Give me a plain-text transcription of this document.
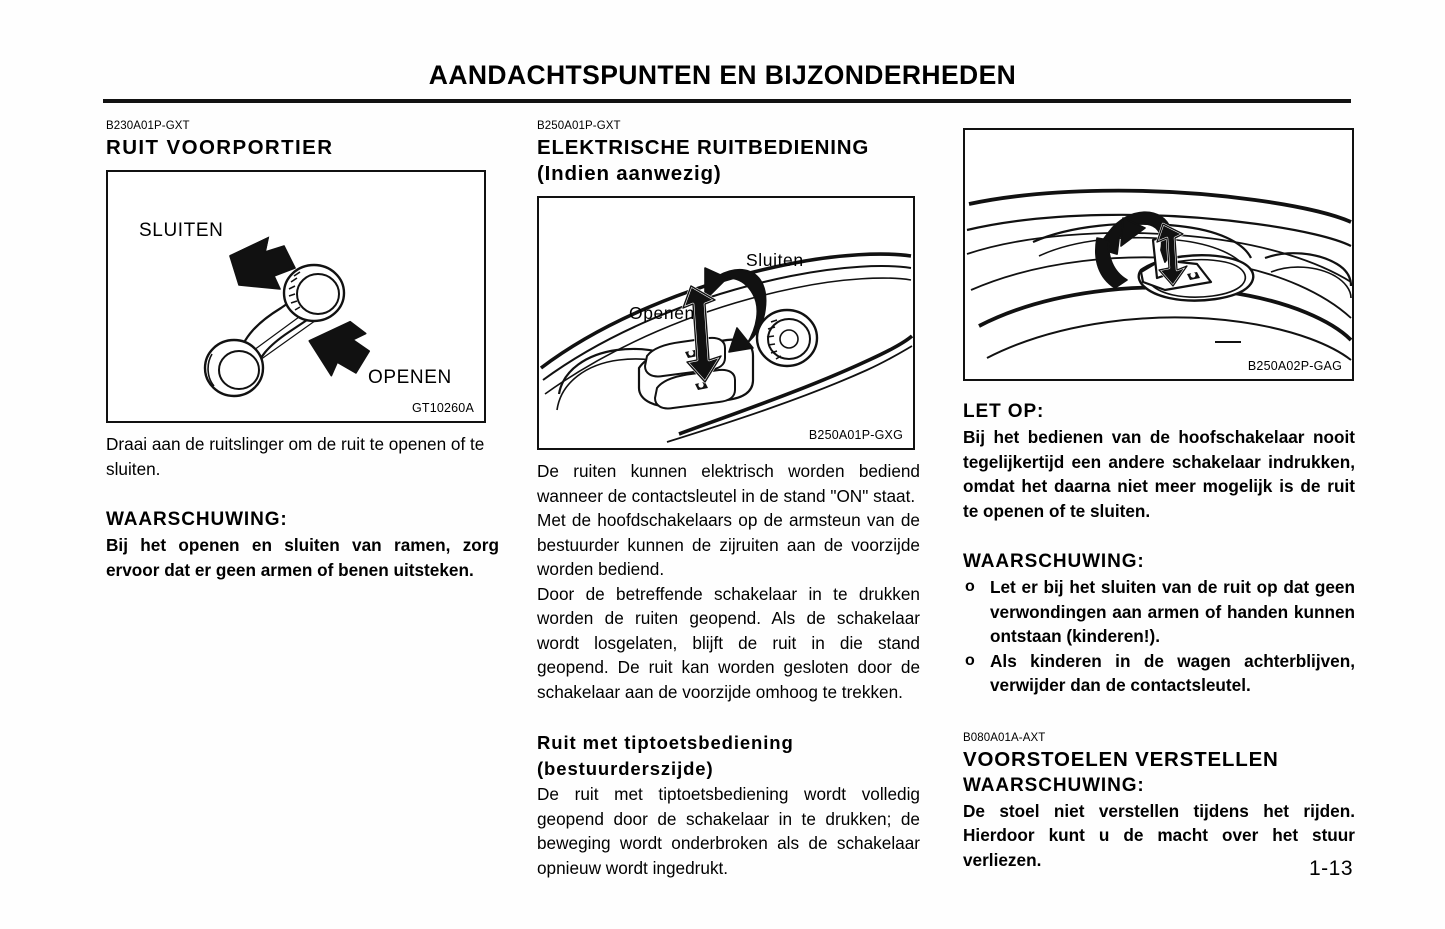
AANDACHTSPUNTEN EN BIJZONDERHEDEN
B230A01P-GXT
RUIT VOORPORTIER
SLUITEN
OPENEN
GT10260A

Draai aan de ruitslinger om de ruit te openen of te sluiten.

WAARSCHUWING:

Bij het openen en sluiten van ramen, zorg ervoor dat er geen armen of benen uitsteken.

B250A01P-GXT
ELEKTRISCHE RUITBEDIENING
(Indien aanwezig)
Sluiten
Openen
B250A01P-GXG

De ruiten kunnen elektrisch worden bediend wanneer de contactsleutel in de stand "ON" staat.

Met de hoofdschakelaars op de armsteun van de bestuurder kunnen de zijruiten aan de voorzijde worden bediend.

Door de betreffende schakelaar in te drukken worden de ruiten geopend. Als de schakelaar wordt losgelaten, blijft de ruit in die stand geopend. De ruit kan worden gesloten door de schakelaar aan de voorzijde omhoog te trekken.

Ruit met tiptoetsbediening
(bestuurderszijde)

De ruit met tiptoetsbediening wordt volledig geopend door de schakelaar in te drukken; de beweging wordt onderbroken als de schakelaar opnieuw wordt ingedrukt.

B250A02P-GAG

LET OP:

Bij het bedienen van de hoofschakelaar nooit tegelijkertijd een andere schakelaar indrukken, omdat het daarna niet meer mogelijk is de ruit te openen of te sluiten.

WAARSCHUWING:

o Let er bij het sluiten van de ruit op dat geen verwondingen aan armen of handen kunnen ontstaan (kinderen!).
o Als kinderen in de wagen achterblijven, verwijder dan de contactsleutel.
B080A01A-AXT
VOORSTOELEN VERSTELLEN

WAARSCHUWING:

De stoel niet verstellen tijdens het rijden. Hierdoor kunt u de macht over het stuur verliezen.	1-13
